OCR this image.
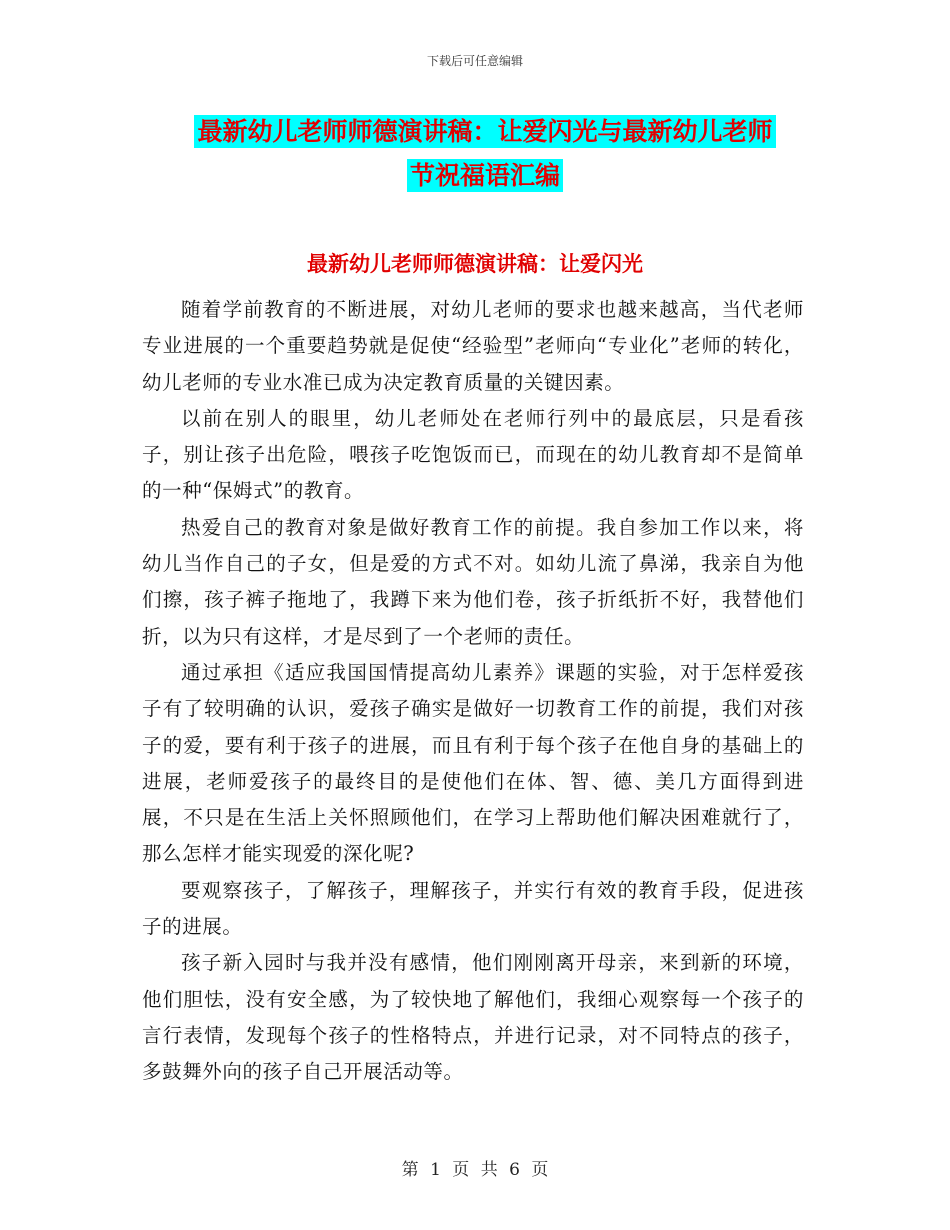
下载后可任意编辑
最新幼儿老师师德演讲稿：让爱闪光与最新幼儿老师
节祝福语汇编
最新幼儿老师师德演讲稿：让爱闪光

随着学前教育的不断进展，对幼儿老师的要求也越来越高，当代老师专业进展的一个重要趋势就是促使“经验型”老师向“专业化”老师的转化，幼儿老师的专业水准已成为决定教育质量的关键因素。

以前在别人的眼里，幼儿老师处在老师行列中的最底层，只是看孩子，别让孩子出危险，喂孩子吃饱饭而已，而现在的幼儿教育却不是简单的一种“保姆式”的教育。

热爱自己的教育对象是做好教育工作的前提。我自参加工作以来，将幼儿当作自己的子女，但是爱的方式不对。如幼儿流了鼻涕，我亲自为他们擦，孩子裤子拖地了，我蹲下来为他们卷，孩子折纸折不好，我替他们折，以为只有这样，才是尽到了一个老师的责任。

通过承担《适应我国国情提高幼儿素养》课题的实验，对于怎样爱孩子有了较明确的认识，爱孩子确实是做好一切教育工作的前提，我们对孩子的爱，要有利于孩子的进展，而且有利于每个孩子在他自身的基础上的进展，老师爱孩子的最终目的是使他们在体、智、德、美几方面得到进展，不只是在生活上关怀照顾他们，在学习上帮助他们解决困难就行了，那么怎样才能实现爱的深化呢?

要观察孩子，了解孩子，理解孩子，并实行有效的教育手段，促进孩子的进展。

孩子新入园时与我并没有感情，他们刚刚离开母亲，来到新的环境，他们胆怯，没有安全感，为了较快地了解他们，我细心观察每一个孩子的言行表情，发现每个孩子的性格特点，并进行记录，对不同特点的孩子，多鼓舞外向的孩子自己开展活动等。

第 1 页 共 6 页
